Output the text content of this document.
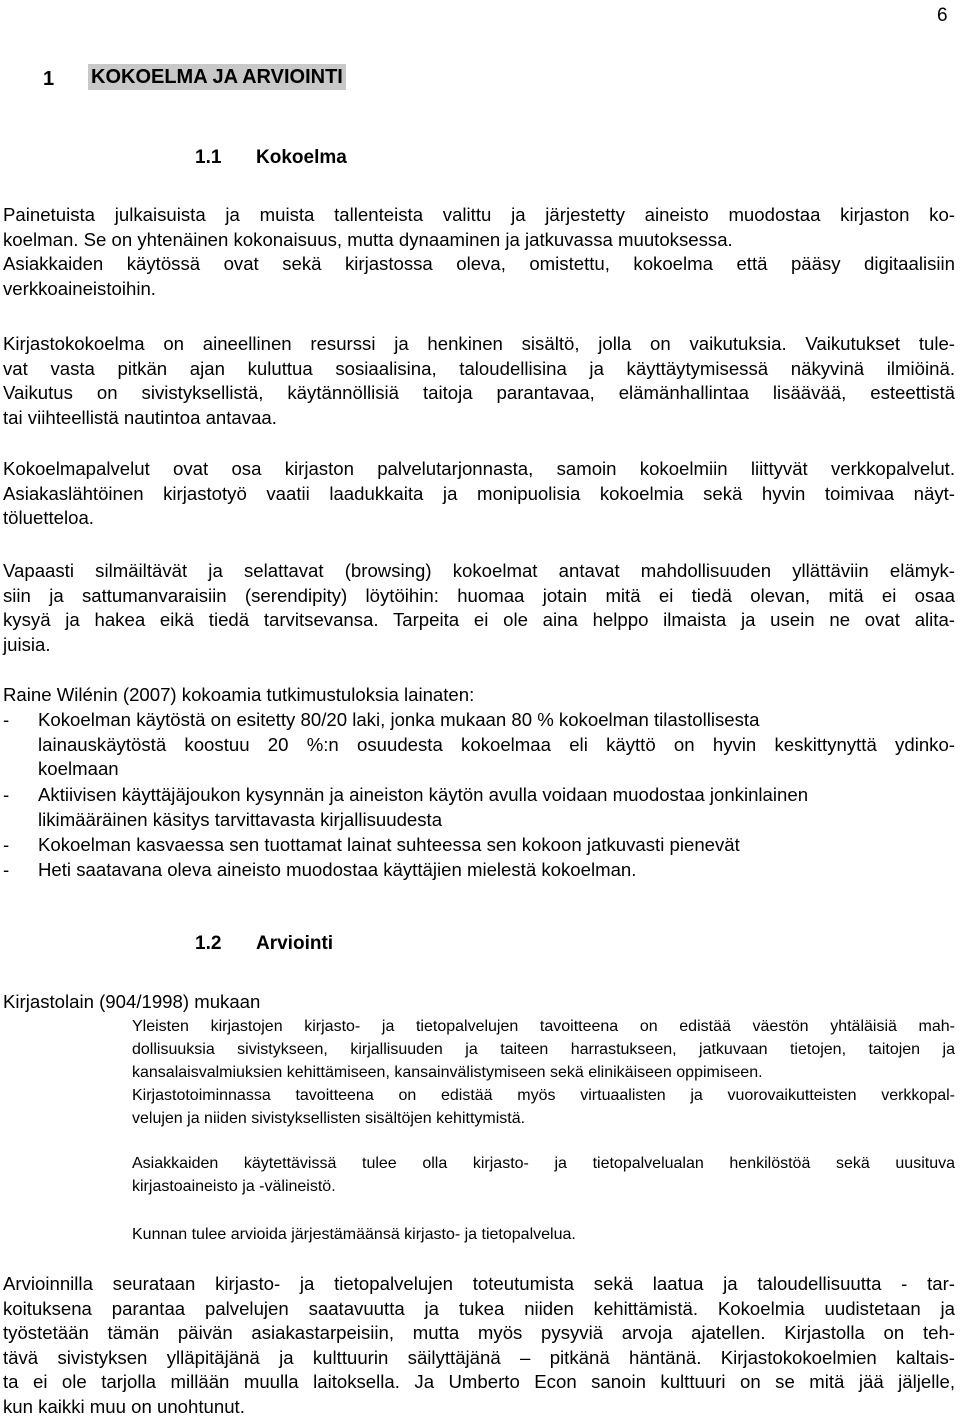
6
1 KOKOELMA JA ARVIOINTI
1.1 Kokoelma
Painetuista julkaisuista ja muista tallenteista valittu ja järjestetty aineisto muodostaa kirjaston ko-
koelman. Se on yhtenäinen kokonaisuus, mutta dynaaminen ja jatkuvassa muutoksessa.
Asiakkaiden käytössä ovat sekä kirjastossa oleva, omistettu, kokoelma että pääsy digitaalisiin
verkkoaineistoihin.
Kirjastokokoelma on aineellinen resurssi ja henkinen sisältö, jolla on vaikutuksia. Vaikutukset tule-
vat vasta pitkän ajan kuluttua sosiaalisina, taloudellisina ja käyttäytymisessä näkyvinä ilmiöinä.
Vaikutus on sivistyksellistä, käytännöllisiä taitoja parantavaa, elämänhallintaa lisäävää, esteettistä
tai viihteellistä nautintoa antavaa.
Kokoelmapalvelut ovat osa kirjaston palvelutarjonnasta, samoin kokoelmiin liittyvät verkkopalvelut.
Asiakaslähtöinen kirjastotyö vaatii laadukkaita ja monipuolisia kokoelmia sekä hyvin toimivaa näyt-
töluetteloa.
Vapaasti silmäiltävät ja selattavat (browsing) kokoelmat antavat mahdollisuuden yllättäviin elämyk-
siin ja sattumanvaraisiin (serendipity) löytöihin: huomaa jotain mitä ei tiedä olevan, mitä ei osaa
kysyä ja hakea eikä tiedä tarvitsevansa. Tarpeita ei ole aina helppo ilmaista ja usein ne ovat alita-
juisia.
Raine Wilénin (2007) kokoamia tutkimustuloksia lainaten:
- Kokoelman käytöstä on esitetty 80/20 laki, jonka mukaan 80 % kokoelman tilastollisesta
lainauskäytöstä koostuu 20 %:n osuudesta kokoelmaa eli käyttö on hyvin keskittynyttä ydinko-
koelmaan
- Aktiivisen käyttäjäjoukon kysynnän ja aineiston käytön avulla voidaan muodostaa jonkinlainen
likimääräinen käsitys tarvittavasta kirjallisuudesta
- Kokoelman kasvaessa sen tuottamat lainat suhteessa sen kokoon jatkuvasti pienevät
- Heti saatavana oleva aineisto muodostaa käyttäjien mielestä kokoelman.
1.2 Arviointi
Kirjastolain (904/1998) mukaan
Yleisten kirjastojen kirjasto- ja tietopalvelujen tavoitteena on edistää väestön yhtäläisiä mah-
dollisuuksia sivistykseen, kirjallisuuden ja taiteen harrastukseen, jatkuvaan tietojen, taitojen ja
kansalaisvalmiuksien kehittämiseen, kansainvälistymiseen sekä elinikäiseen oppimiseen.
Kirjastotoiminnassa tavoitteena on edistää myös virtuaalisten ja vuorovaikutteisten verkkopal-
velujen ja niiden sivistyksellisten sisältöjen kehittymistä.
Asiakkaiden käytettävissä tulee olla kirjasto- ja tietopalvelualan henkilöstöä sekä uusituva
kirjastoaineisto ja -välineistö.
Kunnan tulee arvioida järjestämäänsä kirjasto- ja tietopalvelua.
Arvioinnilla seurataan kirjasto- ja tietopalvelujen toteutumista sekä laatua ja taloudellisuutta - tar-
koituksena parantaa palvelujen saatavuutta ja tukea niiden kehittämistä. Kokoelmia uudistetaan ja
työstetään tämän päivän asiakastarpeisiin, mutta myös pysyviä arvoja ajatellen. Kirjastolla on teh-
tävä sivistyksen ylläpitäjänä ja kulttuurin säilyttäjänä – pitkänä häntänä. Kirjastokokoelmien kaltais-
ta ei ole tarjolla millään muulla laitoksella. Ja Umberto Econ sanoin kulttuuri on se mitä jää jäljelle,
kun kaikki muu on unohtunut.
